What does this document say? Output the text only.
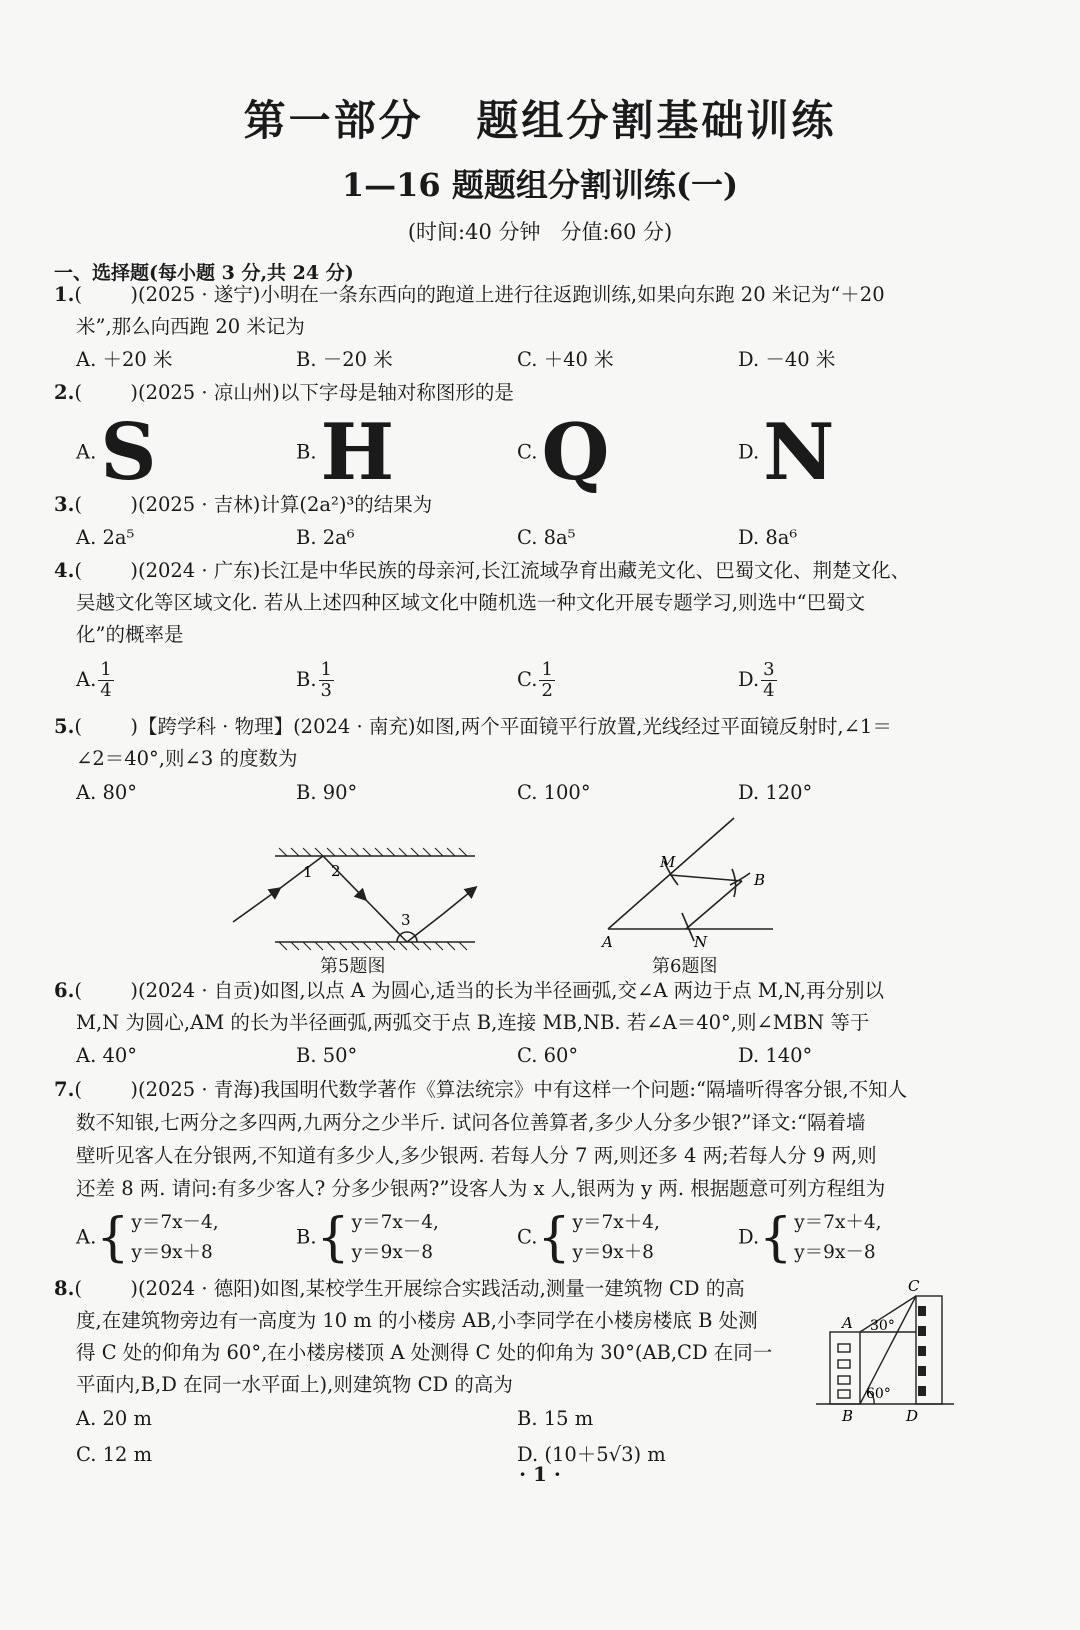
第一部分   题组分割基础训练
1—16 题题组分割训练(一)
(时间:40 分钟   分值:60 分)
一、选择题(每小题 3 分,共 24 分)
1.( )(2025 · 遂宁)小明在一条东西向的跑道上进行往返跑训练,如果向东跑 20 米记为“＋20
米”,那么向西跑 20 米记为
A. ＋20 米	B. －20 米	C. ＋40 米	D. －40 米
2.( )(2025 · 凉山州)以下字母是轴对称图形的是
A.S	B.H	C.Q	D.N
3.( )(2025 · 吉林)计算(2a²)³的结果为
A. 2a⁵	B. 2a⁶	C. 8a⁵	D. 8a⁶
4.( )(2024 · 广东)长江是中华民族的母亲河,长江流域孕育出藏羌文化、巴蜀文化、荆楚文化、
吴越文化等区域文化. 若从上述四种区域文化中随机选一种文化开展专题学习,则选中“巴蜀文
化”的概率是
A. $\frac{1}{4}$	B. $\frac{1}{3}$	C. $\frac{1}{2}$	D. $\frac{3}{4}$
5.( )【跨学科 · 物理】(2024 · 南充)如图,两个平面镜平行放置,光线经过平面镜反射时,∠1＝
∠2＝40°,则∠3 的度数为
A. 80°	B. 90°	C. 100°	D. 120°
1 2
3
第5题图
M
B
A	N
第6题图
6.( )(2024 · 自贡)如图,以点 A 为圆心,适当的长为半径画弧,交∠A 两边于点 M,N,再分别以
M,N 为圆心,AM 的长为半径画弧,两弧交于点 B,连接 MB,NB. 若∠A＝40°,则∠MBN 等于
A. 40°	B. 50°	C. 60°	D. 140°
7.( )(2025 · 青海)我国明代数学著作《算法统宗》中有这样一个问题:“隔墙听得客分银,不知人
数不知银,七两分之多四两,九两分之少半斤. 试问各位善算者,多少人分多少银?”译文:“隔着墙
壁听见客人在分银两,不知道有多少人,多少银两. 若每人分 7 两,则还多 4 两;若每人分 9 两,则
还差 8 两. 请问:有多少客人? 分多少银两?”设客人为 x 人,银两为 y 两. 根据题意可列方程组为
A. { y＝7x－4,
y＝9x＋8
B. { y＝7x－4,
y＝9x－8
C. { y＝7x＋4,
y＝9x＋8
D. { y＝7x＋4,
y＝9x－8
8.( )(2024 · 德阳)如图,某校学生开展综合实践活动,测量一建筑物 CD 的高
度,在建筑物旁边有一高度为 10 m 的小楼房 AB,小李同学在小楼房楼底 B 处测
得 C 处的仰角为 60°,在小楼房楼顶 A 处测得 C 处的仰角为 30°(AB,CD 在同一
平面内,B,D 在同一水平面上),则建筑物 CD 的高为
A. 20 m	B. 15 m
C. 12 m	D. (10＋5√3) m
C
A 30°
60°
B	D
· 1 ·
